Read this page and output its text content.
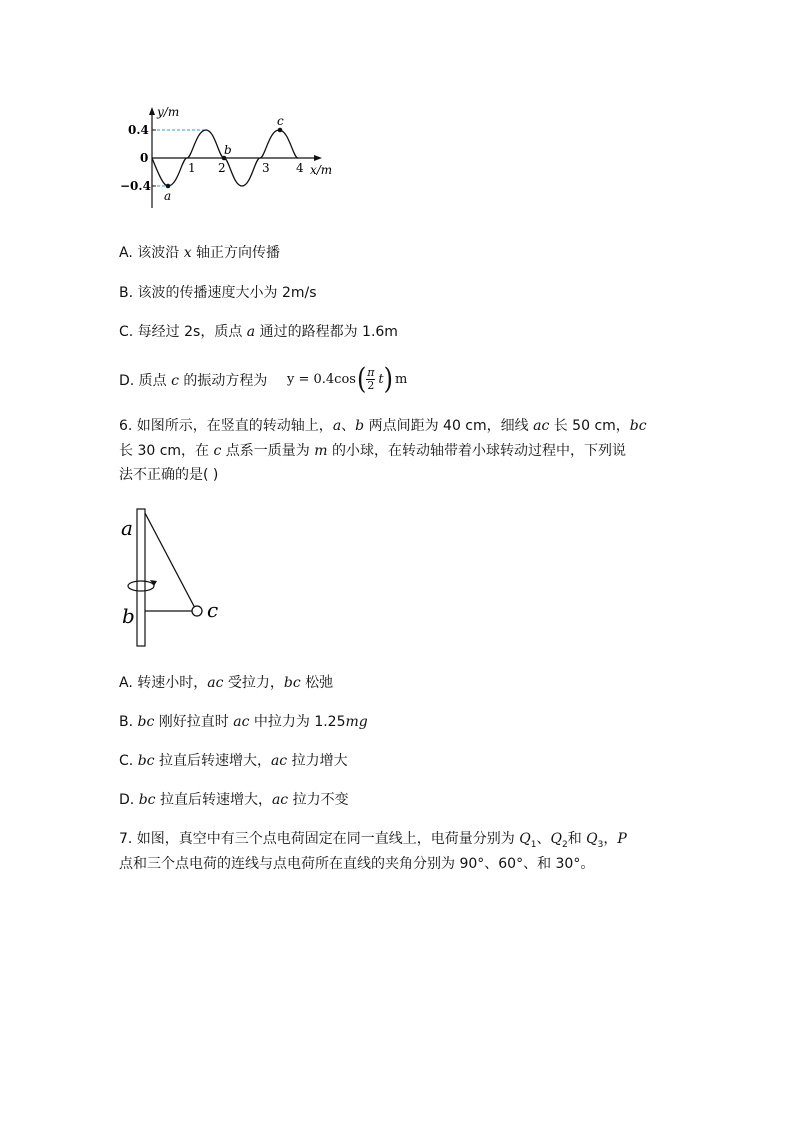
y/m
x/m
0.4
0
−0.4
1 2	3 4
a
b
c
A. 该波沿 x 轴正方向传播
B. 该波的传播速度大小为 2m/s
C. 每经过 2s，质点 a 通过的路程都为 1.6m
D. 质点 c 的振动方程为 y = 0.4cos ( π
2 t ) m
6. 如图所示，在竖直的转动轴上，a、b 两点间距为 40 cm，细线 ac 长 50 cm，bc
长 30 cm，在 c 点系一质量为 m 的小球，在转动轴带着小球转动过程中，下列说
法不正确的是( )
a
b	c
A. 转速小时，ac 受拉力，bc 松弛
B. bc 刚好拉直时 ac 中拉力为 1.25mg
C. bc 拉直后转速增大，ac 拉力增大
D. bc 拉直后转速增大，ac 拉力不变
7. 如图，真空中有三个点电荷固定在同一直线上，电荷量分别为 $Q_1$、$Q_2$和 $Q_3$，P
点和三个点电荷的连线与点电荷所在直线的夹角分别为 90°、60°、和 30°。
